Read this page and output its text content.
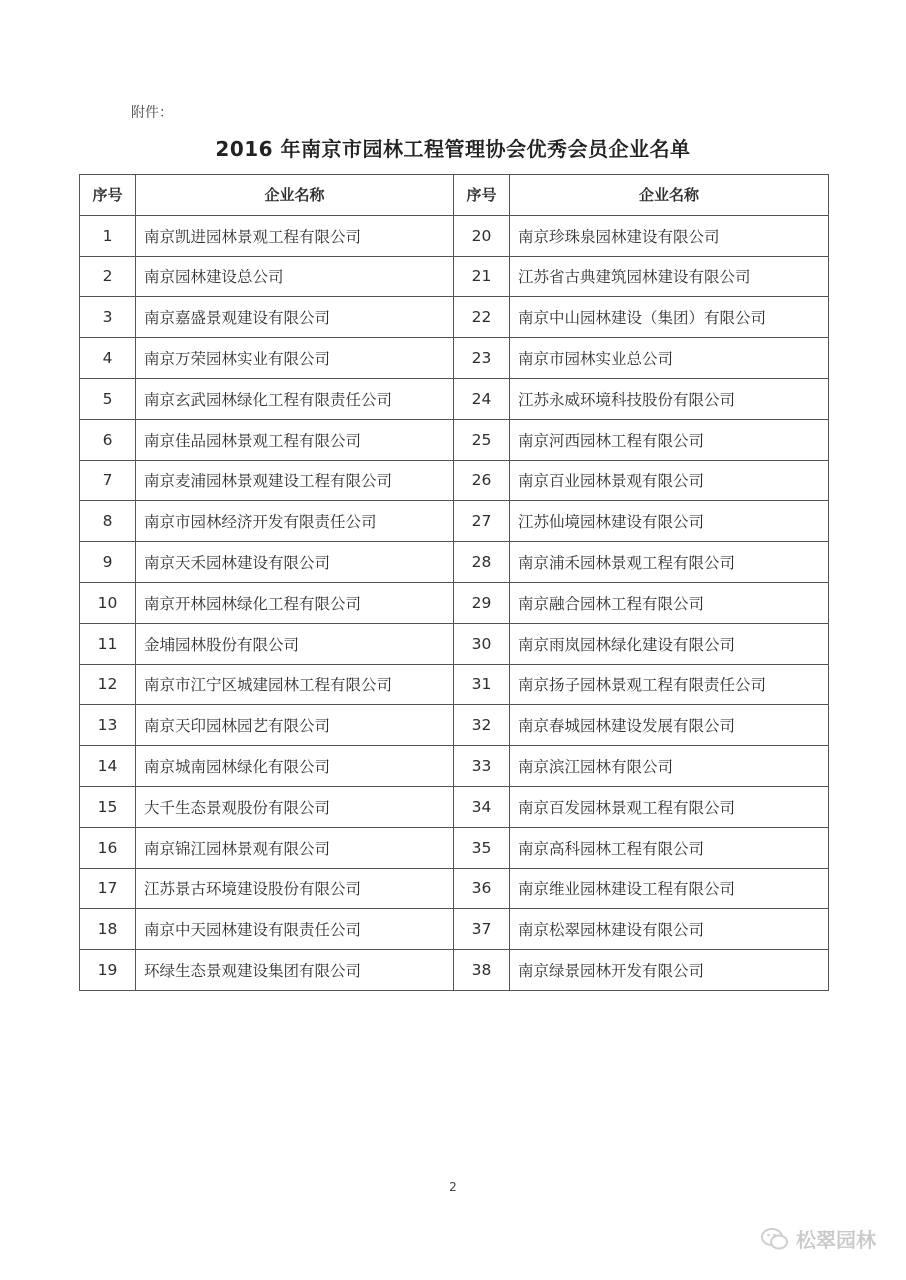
附件：
2016 年南京市园林工程管理协会优秀会员企业名单
序号	企业名称	序号	企业名称
1	南京凯进园林景观工程有限公司	20	南京珍珠泉园林建设有限公司
2	南京园林建设总公司	21	江苏省古典建筑园林建设有限公司
3	南京嘉盛景观建设有限公司	22	南京中山园林建设（集团）有限公司
4	南京万荣园林实业有限公司	23	南京市园林实业总公司
5	南京玄武园林绿化工程有限责任公司	24	江苏永威环境科技股份有限公司
6	南京佳品园林景观工程有限公司	25	南京河西园林工程有限公司
7	南京麦浦园林景观建设工程有限公司	26	南京百业园林景观有限公司
8	南京市园林经济开发有限责任公司	27	江苏仙境园林建设有限公司
9	南京天禾园林建设有限公司	28	南京浦禾园林景观工程有限公司
10	南京开林园林绿化工程有限公司	29	南京融合园林工程有限公司
11	金埔园林股份有限公司	30	南京雨岚园林绿化建设有限公司
12	南京市江宁区城建园林工程有限公司	31	南京扬子园林景观工程有限责任公司
13	南京天印园林园艺有限公司	32	南京春城园林建设发展有限公司
14	南京城南园林绿化有限公司	33	南京滨江园林有限公司
15	大千生态景观股份有限公司	34	南京百发园林景观工程有限公司
16	南京锦江园林景观有限公司	35	南京高科园林工程有限公司
17	江苏景古环境建设股份有限公司	36	南京维业园林建设工程有限公司
18	南京中天园林建设有限责任公司	37	南京松翠园林建设有限公司
19	环绿生态景观建设集团有限公司	38	南京绿景园林开发有限公司
2
松翠园林
